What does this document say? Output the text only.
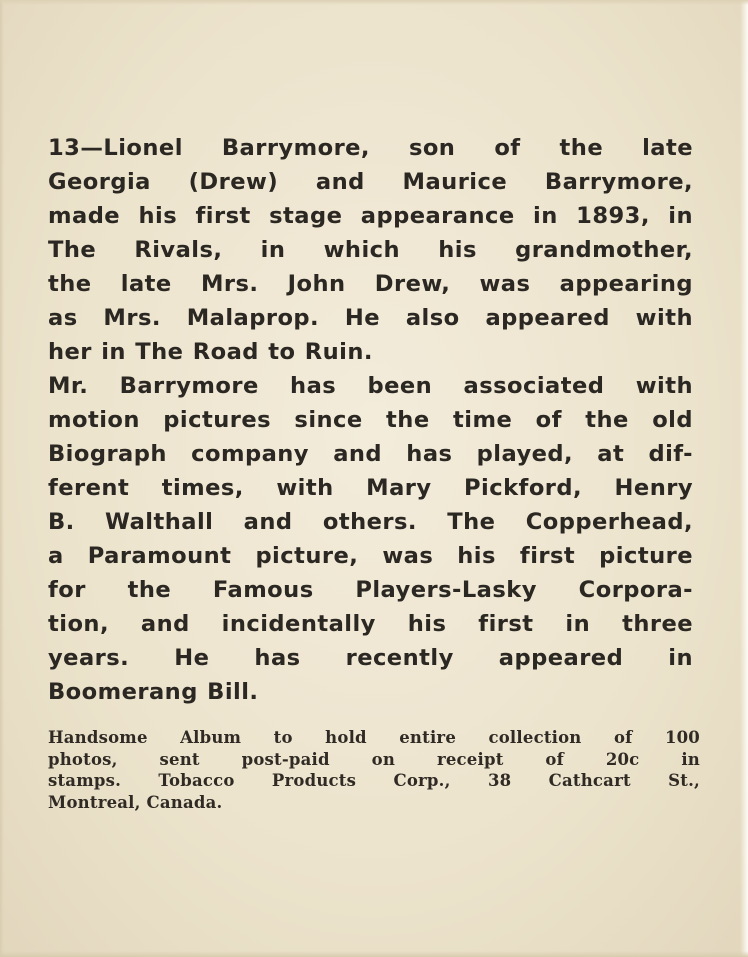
13—Lionel Barrymore, son of the late
Georgia (Drew) and Maurice Barrymore,
made his first stage appearance in 1893, in
The Rivals, in which his grandmother,
the late Mrs. John Drew, was appearing
as Mrs. Malaprop. He also appeared with
her in The Road to Ruin.
Mr. Barrymore has been associated with
motion pictures since the time of the old
Biograph company and has played, at dif-
ferent times, with Mary Pickford, Henry
B. Walthall and others. The Copperhead,
a Paramount picture, was his first picture
for the Famous Players-Lasky Corpora-
tion, and incidentally his first in three
years. He has recently appeared in
Boomerang Bill.
Handsome Album to hold entire collection of 100
photos, sent post-paid on receipt of 20c in
stamps. Tobacco Products Corp., 38 Cathcart St.,
Montreal, Canada.
